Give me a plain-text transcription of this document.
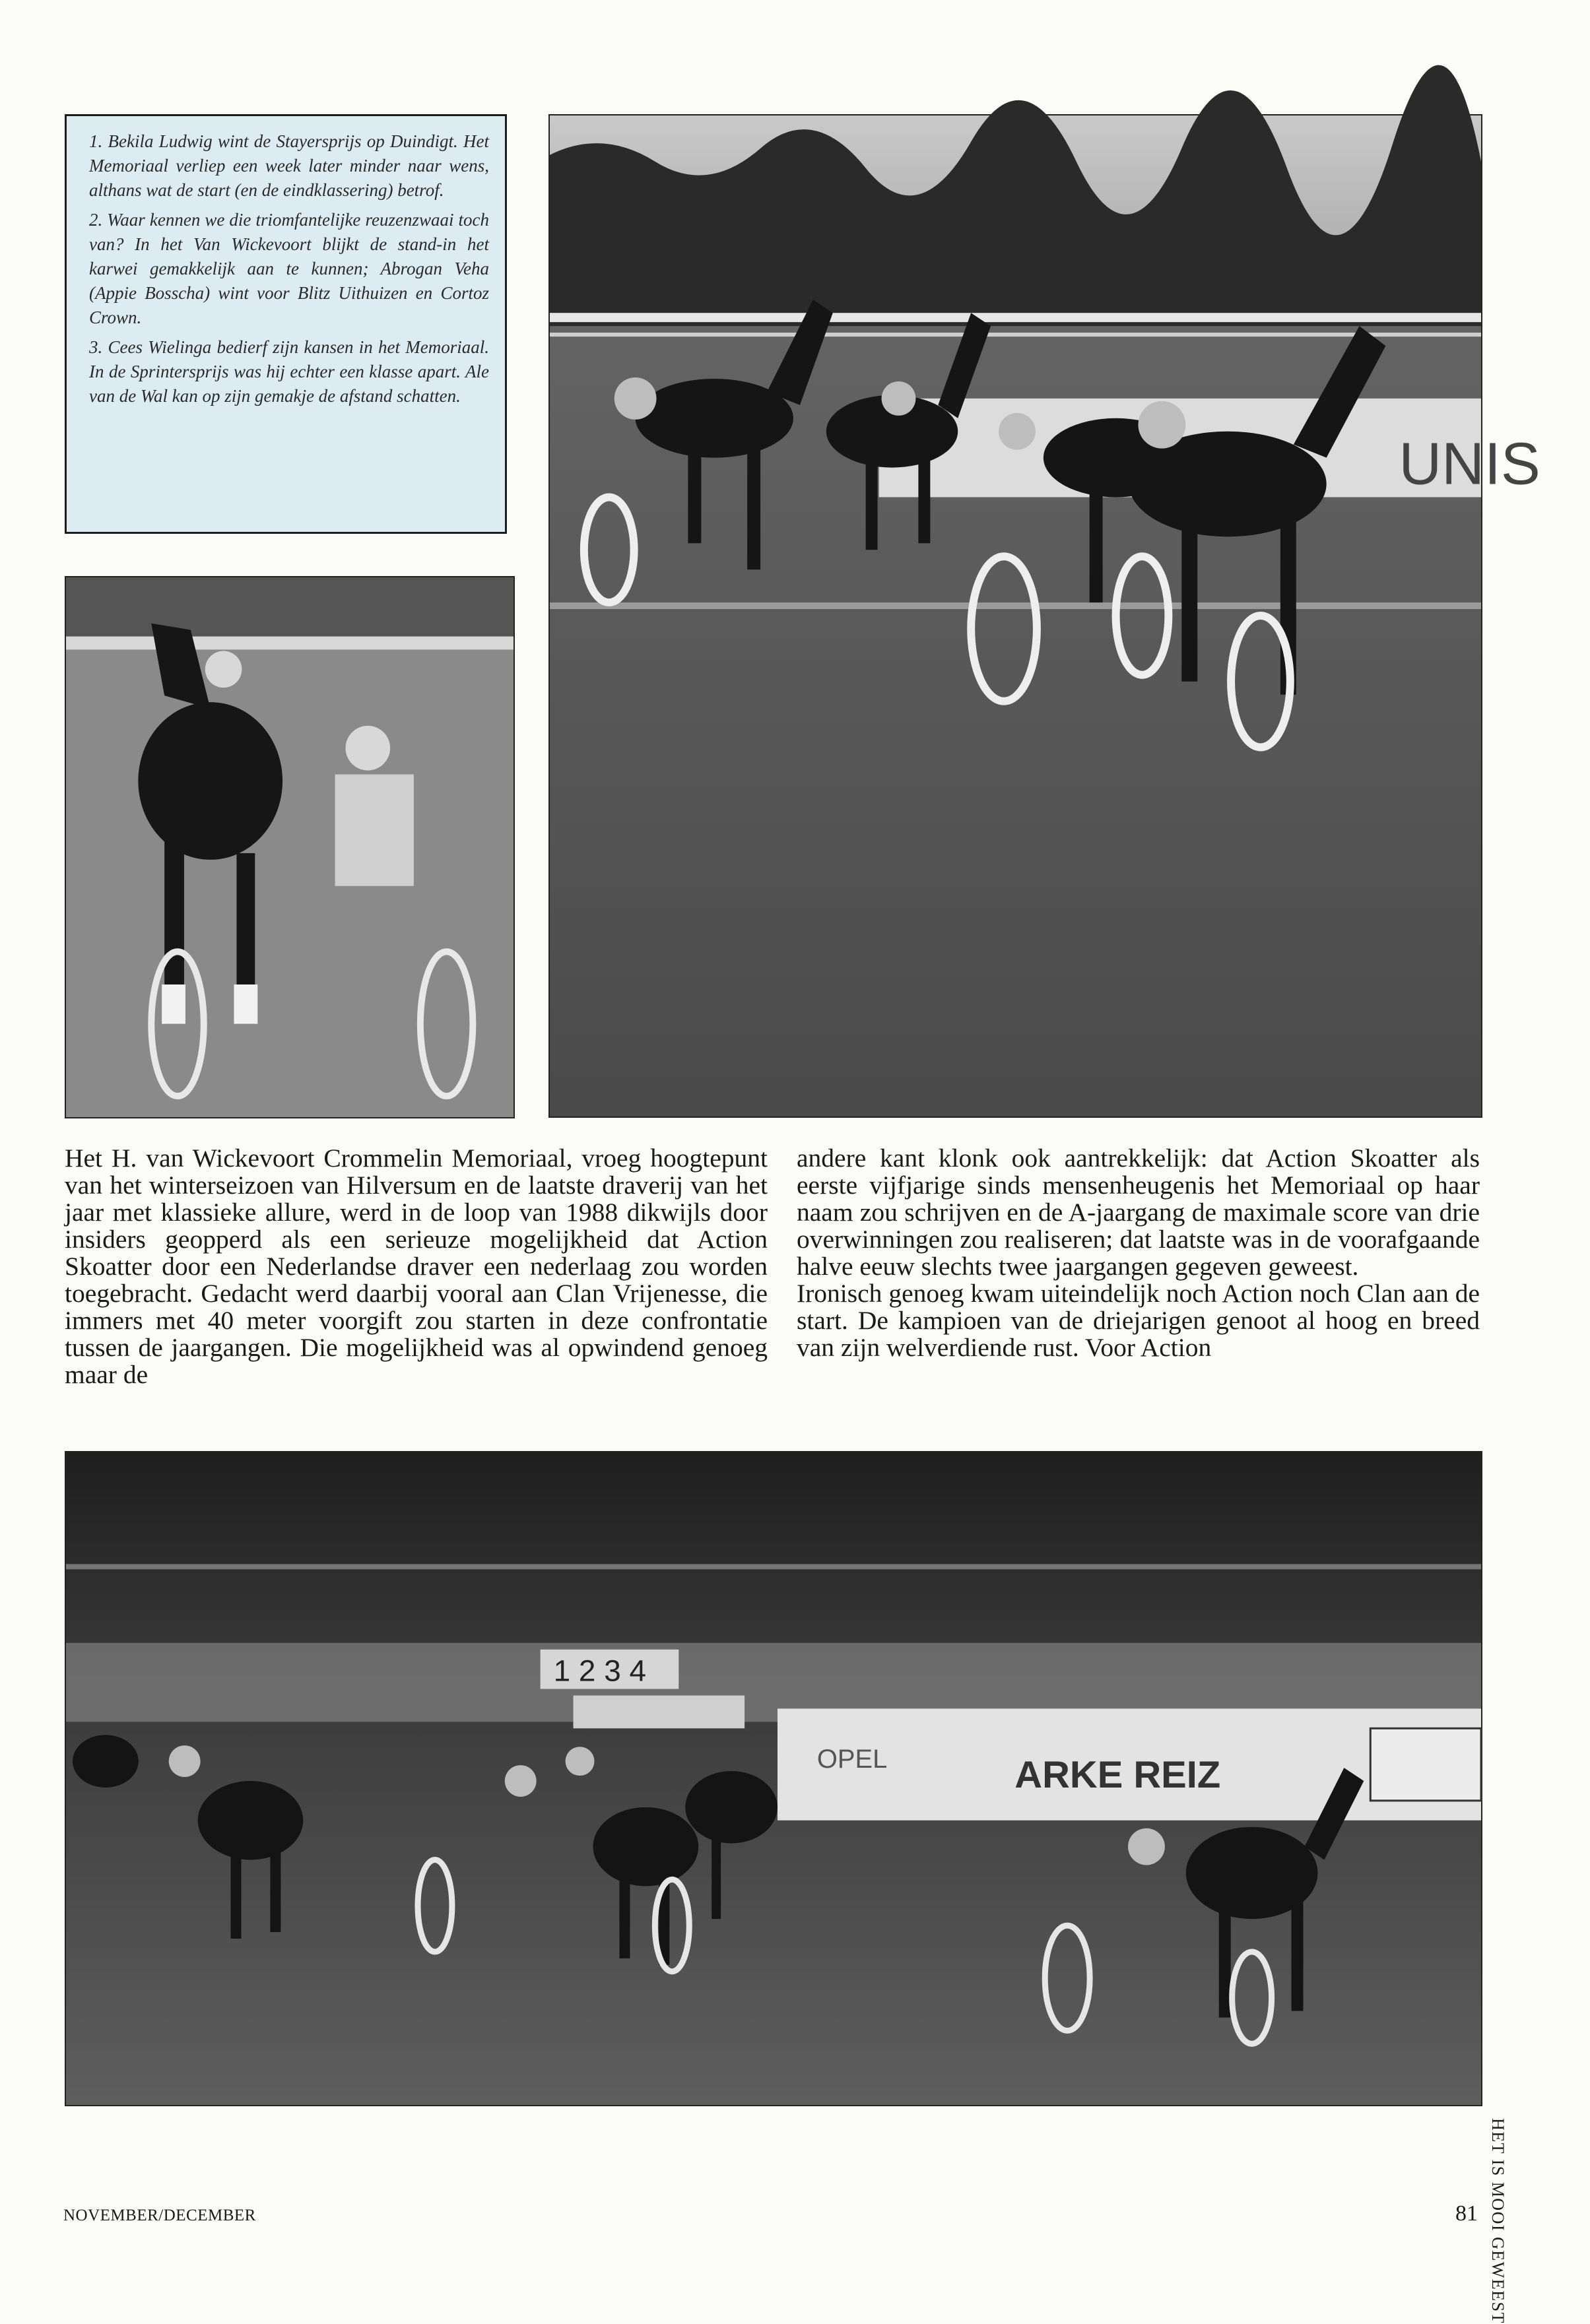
1. Bekila Ludwig wint de Stayersprijs op Duindigt. Het Memoriaal verliep een week later minder naar wens, althans wat de start (en de eindklassering) betrof.

2. Waar kennen we die triomfantelijke reuzenzwaai toch van? In het Van Wickevoort blijkt de stand-in het karwei gemakkelijk aan te kunnen; Abrogan Veha (Appie Bosscha) wint voor Blitz Uithuizen en Cortoz Crown.

3. Cees Wielinga bedierf zijn kansen in het Memoriaal. In de Sprintersprijs was hij echter een klasse apart. Ale van de Wal kan op zijn gemakje de afstand schatten.

UNIS

Het H. van Wickevoort Crommelin Memoriaal, vroeg hoogtepunt van het winterseizoen van Hilversum en de laatste draverij van het jaar met klassieke allure, werd in de loop van 1988 dikwijls door insiders geopperd als een serieuze mogelijkheid dat Action Skoatter door een Nederlandse draver een nederlaag zou worden toegebracht. Gedacht werd daarbij vooral aan Clan Vrijenesse, die immers met 40 meter voorgift zou starten in deze confrontatie tussen de jaargangen. Die mogelijkheid was al opwindend genoeg maar de

andere kant klonk ook aantrekkelijk: dat Action Skoatter als eerste vijfjarige sinds mensenheugenis het Memoriaal op haar naam zou schrijven en de A-jaargang de maximale score van drie overwinningen zou realiseren; dat laatste was in de voorafgaande halve eeuw slechts twee jaargangen gegeven geweest.

Ironisch genoeg kwam uiteindelijk noch Action noch Clan aan de start. De kampioen van de driejarigen genoot al hoog en breed van zijn welverdiende rust. Voor Action

1 2 3 4
OPEL	ARKE REIZ
NOVEMBER/DECEMBER	81 HET IS MOOI GEWEEST
